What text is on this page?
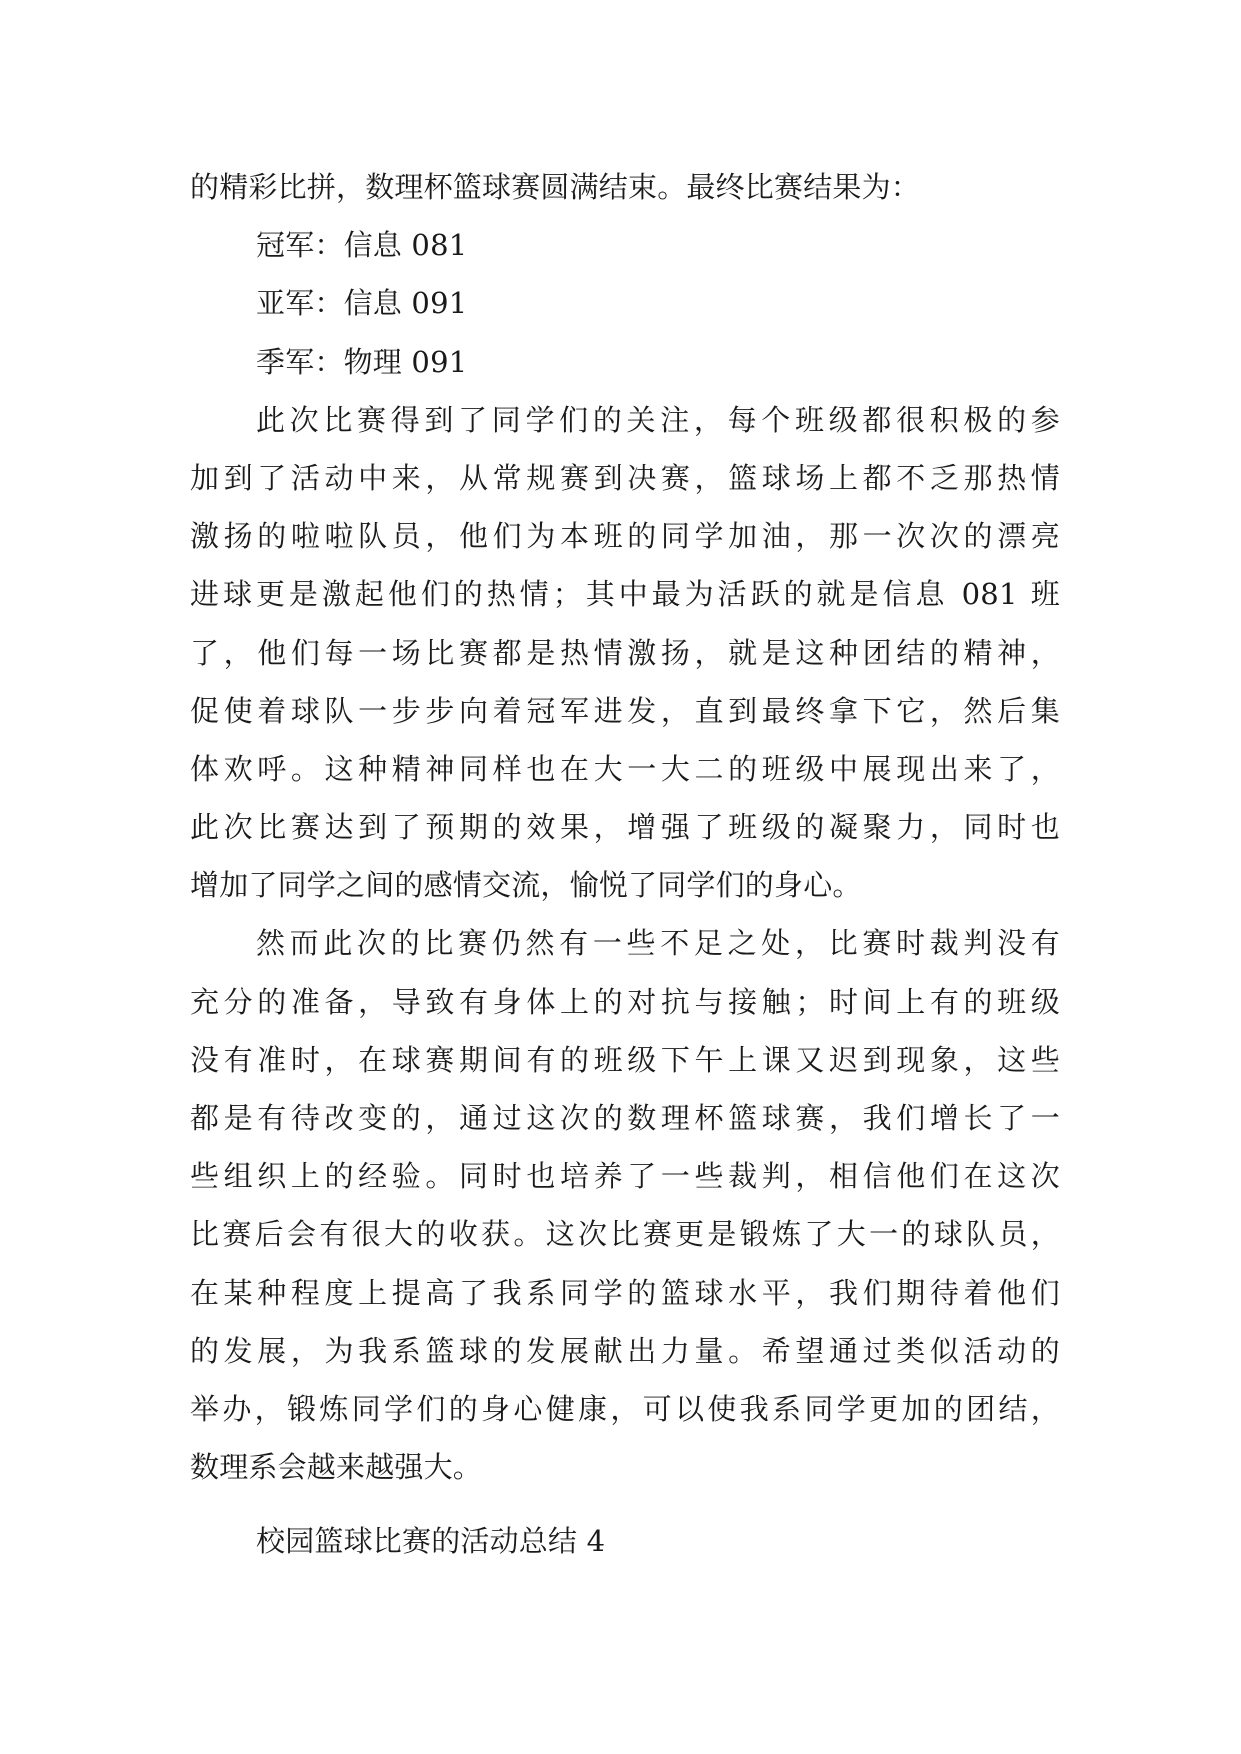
的精彩比拼，数理杯篮球赛圆满结束。最终比赛结果为：
冠军：信息 081
亚军：信息 091
季军：物理 091
此次比赛得到了同学们的关注，每个班级都很积极的参
加到了活动中来，从常规赛到决赛，篮球场上都不乏那热情
激扬的啦啦队员，他们为本班的同学加油，那一次次的漂亮
进球更是激起他们的热情；其中最为活跃的就是信息 081 班
了，他们每一场比赛都是热情激扬，就是这种团结的精神，
促使着球队一步步向着冠军进发，直到最终拿下它，然后集
体欢呼。这种精神同样也在大一大二的班级中展现出来了，
此次比赛达到了预期的效果，增强了班级的凝聚力，同时也
增加了同学之间的感情交流，愉悦了同学们的身心。
然而此次的比赛仍然有一些不足之处，比赛时裁判没有
充分的准备，导致有身体上的对抗与接触；时间上有的班级
没有准时，在球赛期间有的班级下午上课又迟到现象，这些
都是有待改变的，通过这次的数理杯篮球赛，我们增长了一
些组织上的经验。同时也培养了一些裁判，相信他们在这次
比赛后会有很大的收获。这次比赛更是锻炼了大一的球队员，
在某种程度上提高了我系同学的篮球水平，我们期待着他们
的发展，为我系篮球的发展献出力量。希望通过类似活动的
举办，锻炼同学们的身心健康，可以使我系同学更加的团结，
数理系会越来越强大。
校园篮球比赛的活动总结 4
